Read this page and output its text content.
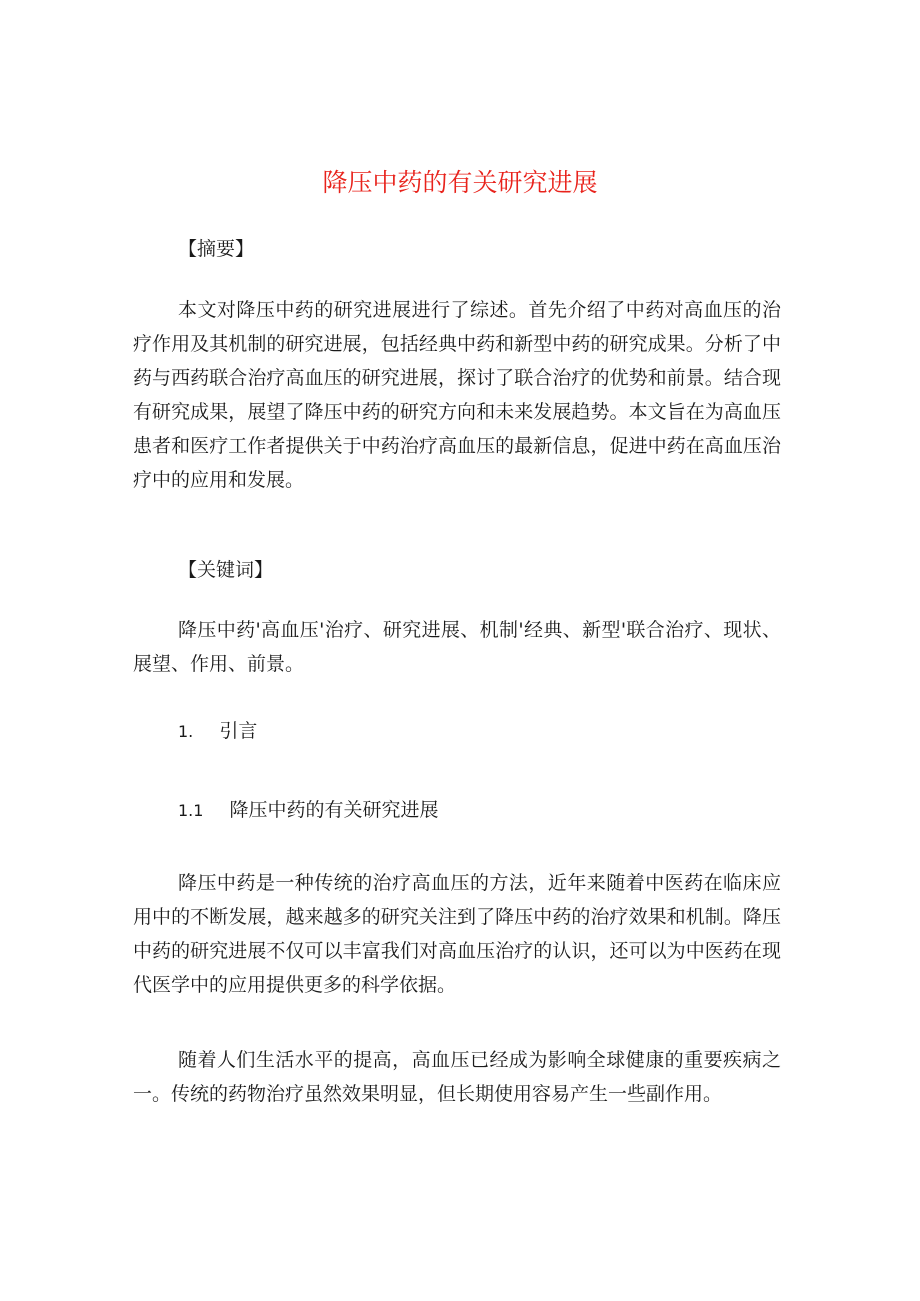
降压中药的有关研究进展
【摘要】

本文对降压中药的研究进展进行了综述。首先介绍了中药对高血压的治疗作用及其机制的研究进展，包括经典中药和新型中药的研究成果。分析了中药与西药联合治疗高血压的研究进展，探讨了联合治疗的优势和前景。结合现有研究成果，展望了降压中药的研究方向和未来发展趋势。本文旨在为高血压患者和医疗工作者提供关于中药治疗高血压的最新信息，促进中药在高血压治疗中的应用和发展。

【关键词】

降压中药'高血压'治疗、研究进展、机制'经典、新型'联合治疗、现状、展望、作用、前景。

1. 引言
1.1 降压中药的有关研究进展

降压中药是一种传统的治疗高血压的方法，近年来随着中医药在临床应用中的不断发展，越来越多的研究关注到了降压中药的治疗效果和机制。降压中药的研究进展不仅可以丰富我们对高血压治疗的认识，还可以为中医药在现代医学中的应用提供更多的科学依据。

随着人们生活水平的提高，高血压已经成为影响全球健康的重要疾病之一。传统的药物治疗虽然效果明显，但长期使用容易产生一些副作用。
